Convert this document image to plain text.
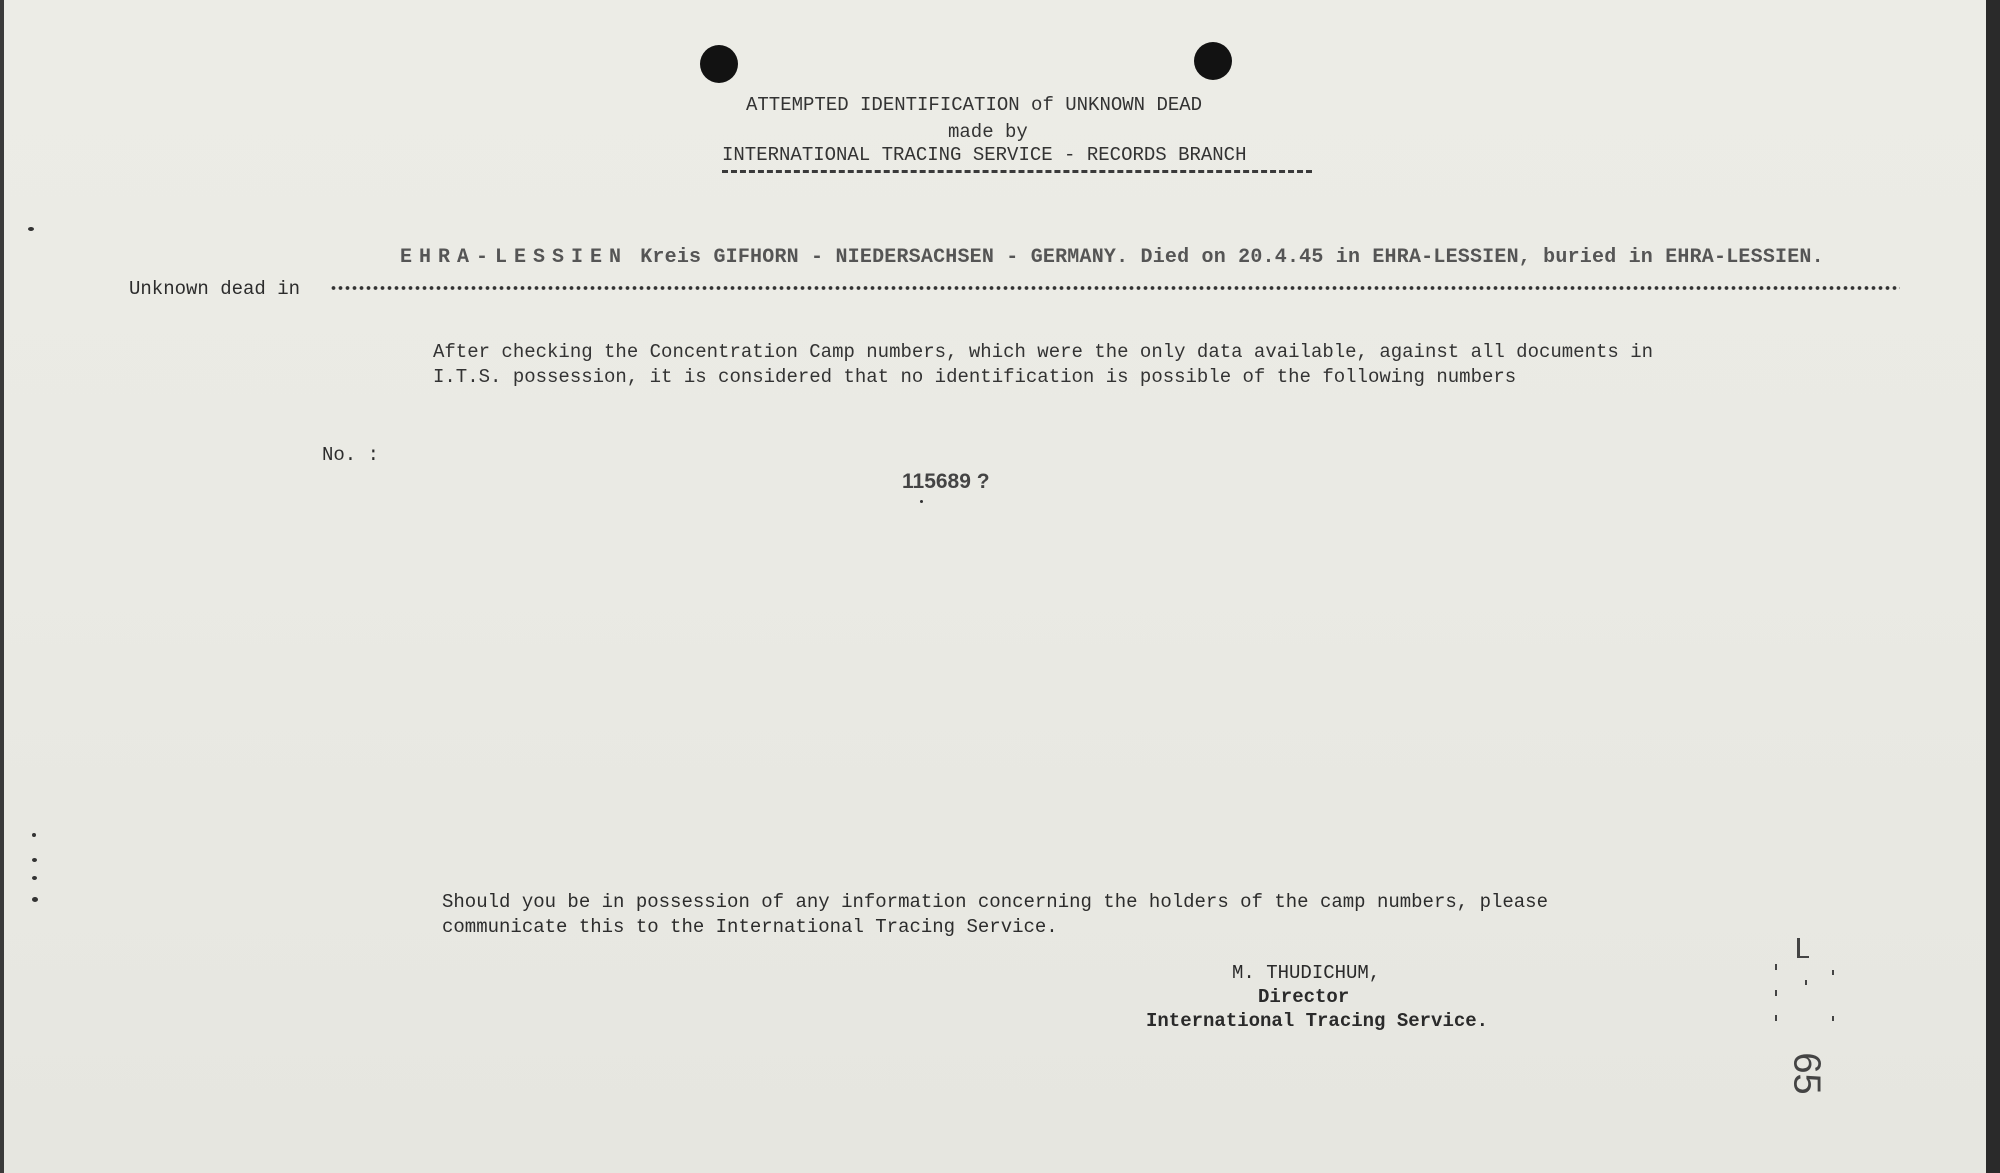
ATTEMPTED IDENTIFICATION of UNKNOWN DEAD
made by
INTERNATIONAL TRACING SERVICE - RECORDS BRANCH
Unknown dead in
EHRA-LESSIEN Kreis GIFHORN - NIEDERSACHSEN - GERMANY. Died on 20.4.45 in EHRA-LESSIEN, buried in EHRA-LESSIEN.
After checking the Concentration Camp numbers, which were the only data available, against all documents in I.T.S. possession, it is considered that no identification is possible of the following numbers
No. :
115689 ?
Should you be in possession of any information concerning the holders of the camp numbers, please communicate this to the International Tracing Service.
M. THUDICHUM,
Director
International Tracing Service.
65
